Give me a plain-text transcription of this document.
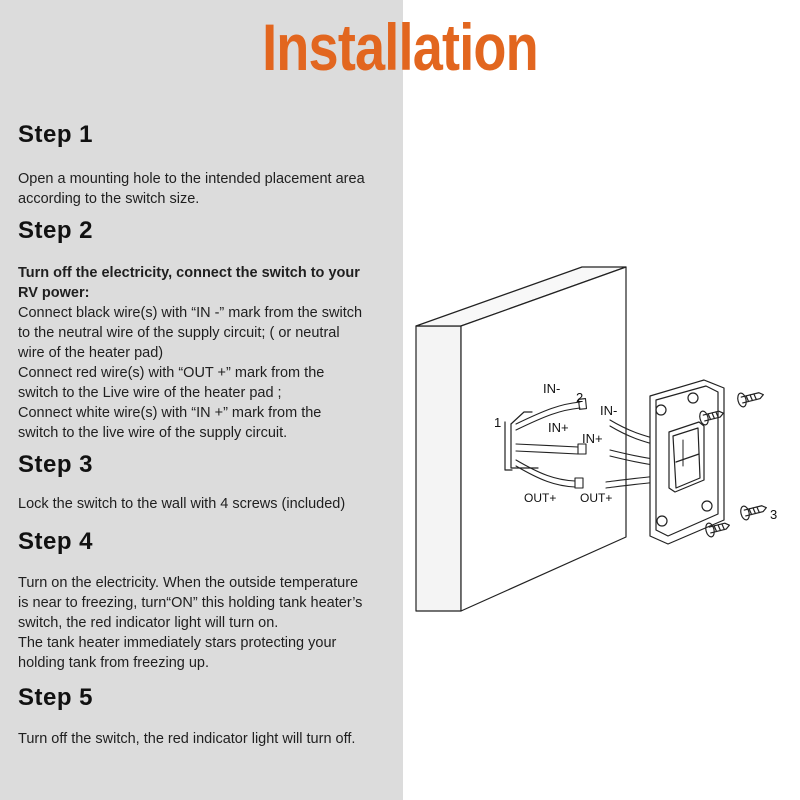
Installation
Step 1

Open a mounting hole to the intended placement area

according to the switch size.

Step 2

Turn off the electricity, connect the switch to your

RV power:

Connect black wire(s) with “IN -” mark from the switch

to the neutral wire of the supply circuit; ( or neutral

wire of the heater pad)

Connect red wire(s) with “OUT +” mark from the

switch to the Live wire of the heater pad ;

Connect white wire(s) with “IN +” mark from the

switch to the live wire of the supply circuit.

Step 3

Lock the switch to the wall with 4 screws (included)

Step 4

Turn on the electricity. When the outside temperature

is near to freezing, turn“ON” this holding tank heater’s

switch, the red indicator light will turn on.

The tank heater immediately stars protecting your

holding tank from freezing up.

Step 5

Turn off the switch, the red indicator light will turn off.

1
2
3
IN-
IN-
IN+
IN+
OUT+ OUT+
